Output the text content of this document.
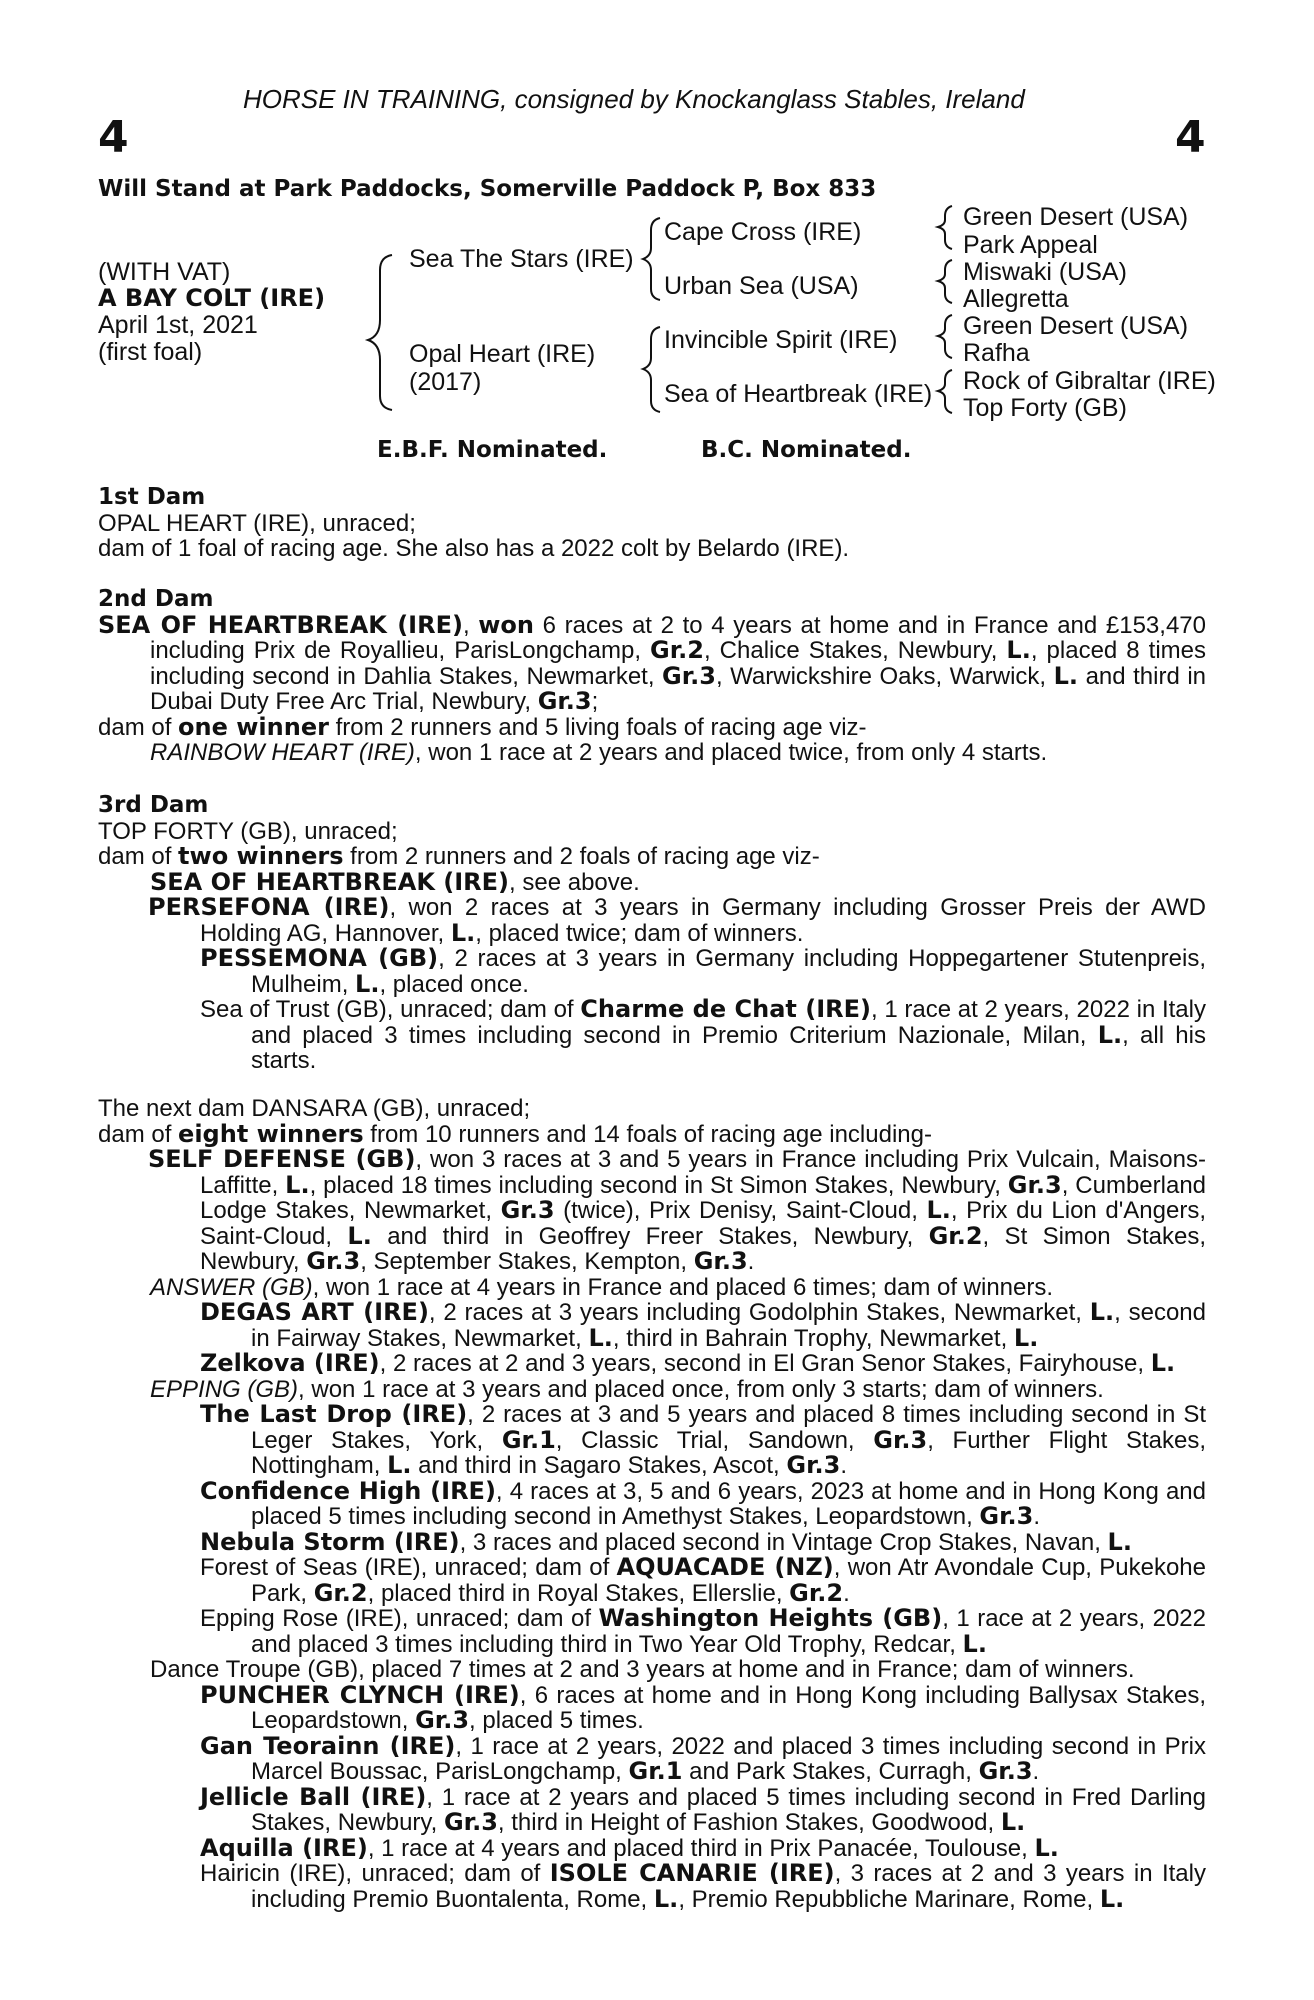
HORSE IN TRAINING, consigned by Knockanglass Stables, Ireland
4	4
Will Stand at Park Paddocks, Somerville Paddock P, Box 833
(WITH VAT)
A BAY COLT (IRE)
April 1st, 2021
(first foal)
Sea The Stars (IRE)
Opal Heart (IRE)
(2017)
Cape Cross (IRE)
Urban Sea (USA)
Invincible Spirit (IRE)
Sea of Heartbreak (IRE)
Green Desert (USA)
Park Appeal
Miswaki (USA)
Allegretta
Green Desert (USA)
Rafha
Rock of Gibraltar (IRE)
Top Forty (GB)
E.B.F. Nominated.	B.C. Nominated.

1st Dam

OPAL HEART (IRE), unraced;

dam of 1 foal of racing age. She also has a 2022 colt by Belardo (IRE).

2nd Dam

SEA OF HEARTBREAK (IRE), won 6 races at 2 to 4 years at home and in France and £153,470 including Prix de Royallieu, ParisLongchamp, Gr.2, Chalice Stakes, Newbury, L., placed 8 times including second in Dahlia Stakes, Newmarket, Gr.3, Warwickshire Oaks, Warwick, L. and third in Dubai Duty Free Arc Trial, Newbury, Gr.3;

dam of one winner from 2 runners and 5 living foals of racing age viz-

RAINBOW HEART (IRE), won 1 race at 2 years and placed twice, from only 4 starts.

3rd Dam

TOP FORTY (GB), unraced;

dam of two winners from 2 runners and 2 foals of racing age viz-

SEA OF HEARTBREAK (IRE), see above.

PERSEFONA (IRE), won 2 races at 3 years in Germany including Grosser Preis der AWD Holding AG, Hannover, L., placed twice; dam of winners.

PESSEMONA (GB), 2 races at 3 years in Germany including Hoppegartener Stutenpreis, Mulheim, L., placed once.

Sea of Trust (GB), unraced; dam of Charme de Chat (IRE), 1 race at 2 years, 2022 in Italy and placed 3 times including second in Premio Criterium Nazionale, Milan, L., all his starts.

The next dam DANSARA (GB), unraced;

dam of eight winners from 10 runners and 14 foals of racing age including-

SELF DEFENSE (GB), won 3 races at 3 and 5 years in France including Prix Vulcain, Maisons-Laffitte, L., placed 18 times including second in St Simon Stakes, Newbury, Gr.3, Cumberland Lodge Stakes, Newmarket, Gr.3 (twice), Prix Denisy, Saint-Cloud, L., Prix du Lion d'Angers, Saint-Cloud, L. and third in Geoffrey Freer Stakes, Newbury, Gr.2, St Simon Stakes, Newbury, Gr.3, September Stakes, Kempton, Gr.3.

ANSWER (GB), won 1 race at 4 years in France and placed 6 times; dam of winners.

DEGAS ART (IRE), 2 races at 3 years including Godolphin Stakes, Newmarket, L., second in Fairway Stakes, Newmarket, L., third in Bahrain Trophy, Newmarket, L.

Zelkova (IRE), 2 races at 2 and 3 years, second in El Gran Senor Stakes, Fairyhouse, L.

EPPING (GB), won 1 race at 3 years and placed once, from only 3 starts; dam of winners.

The Last Drop (IRE), 2 races at 3 and 5 years and placed 8 times including second in St Leger Stakes, York, Gr.1, Classic Trial, Sandown, Gr.3, Further Flight Stakes, Nottingham, L. and third in Sagaro Stakes, Ascot, Gr.3.

Confidence High (IRE), 4 races at 3, 5 and 6 years, 2023 at home and in Hong Kong and placed 5 times including second in Amethyst Stakes, Leopardstown, Gr.3.

Nebula Storm (IRE), 3 races and placed second in Vintage Crop Stakes, Navan, L.

Forest of Seas (IRE), unraced; dam of AQUACADE (NZ), won Atr Avondale Cup, Pukekohe Park, Gr.2, placed third in Royal Stakes, Ellerslie, Gr.2.

Epping Rose (IRE), unraced; dam of Washington Heights (GB), 1 race at 2 years, 2022 and placed 3 times including third in Two Year Old Trophy, Redcar, L.

Dance Troupe (GB), placed 7 times at 2 and 3 years at home and in France; dam of winners.

PUNCHER CLYNCH (IRE), 6 races at home and in Hong Kong including Ballysax Stakes, Leopardstown, Gr.3, placed 5 times.

Gan Teorainn (IRE), 1 race at 2 years, 2022 and placed 3 times including second in Prix Marcel Boussac, ParisLongchamp, Gr.1 and Park Stakes, Curragh, Gr.3.

Jellicle Ball (IRE), 1 race at 2 years and placed 5 times including second in Fred Darling Stakes, Newbury, Gr.3, third in Height of Fashion Stakes, Goodwood, L.

Aquilla (IRE), 1 race at 4 years and placed third in Prix Panacée, Toulouse, L.

Hairicin (IRE), unraced; dam of ISOLE CANARIE (IRE), 3 races at 2 and 3 years in Italy including Premio Buontalenta, Rome, L., Premio Repubbliche Marinare, Rome, L.
